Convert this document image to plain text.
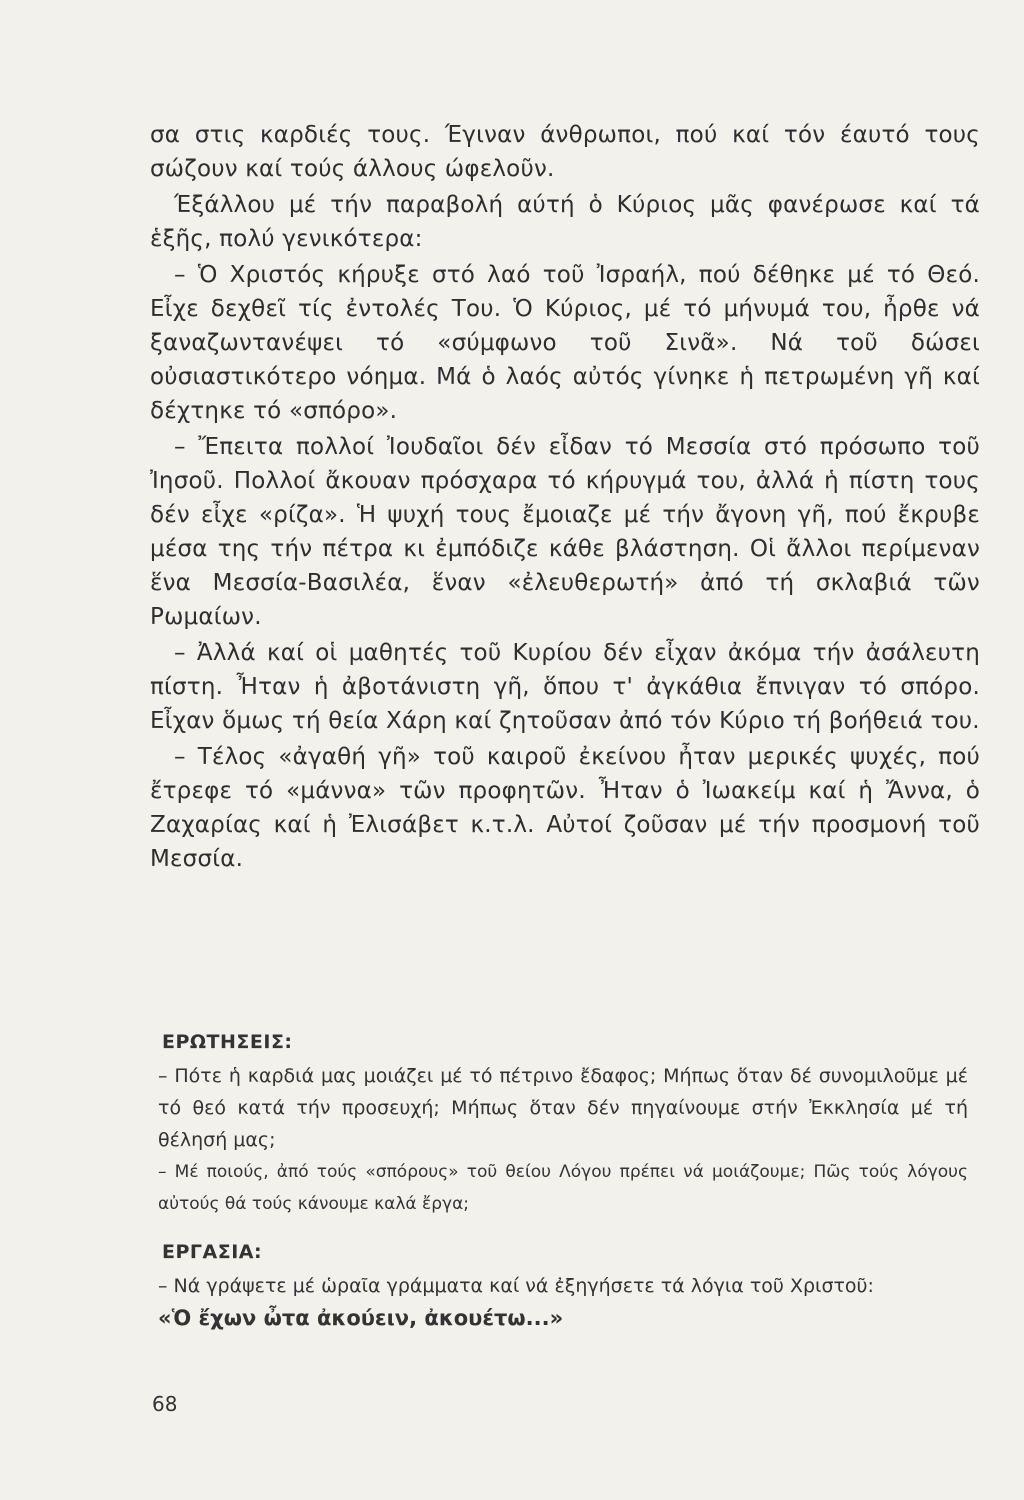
σα στις καρδιές τους. Έγιναν άνθρωποι, πού καί τόν έαυτό τους σώζουν καί τούς άλλους ώφελοῦν.

Έξάλλου μέ τήν παραβολή αύτή ὁ Κύριος μᾶς φανέρωσε καί τά ἑξῆς, πολύ γενικότερα:

– Ὁ Χριστός κήρυξε στό λαό τοῦ Ἰσραήλ, πού δέθηκε μέ τό Θεό. Εἶχε δεχθεῖ τίς ἐντολές Του. Ὁ Κύριος, μέ τό μήνυμά του, ἦρθε νά ξαναζωντανέψει τό «σύμφωνο τοῦ Σινᾶ». Νά τοῦ δώσει οὐσιαστικότερο νόημα. Μά ὁ λαός αὐτός γίνηκε ἡ πετρωμένη γῆ καί δέχτηκε τό «σπόρο».

– Ἔπειτα πολλοί Ἰουδαῖοι δέν εἶδαν τό Μεσσία στό πρόσωπο τοῦ Ἰησοῦ. Πολλοί ἄκουαν πρόσχαρα τό κήρυγμά του, ἀλλά ἡ πίστη τους δέν εἶχε «ρίζα». Ἡ ψυχή τους ἔμοιαζε μέ τήν ἄγονη γῆ, πού ἔκρυβε μέσα της τήν πέτρα κι ἐμπόδιζε κάθε βλάστηση. Οἱ ἄλλοι περίμεναν ἕνα Μεσσία-Βασιλέα, ἕναν «ἐλευθερωτή» ἀπό τή σκλαβιά τῶν Ρωμαίων.

– Ἀλλά καί οἱ μαθητές τοῦ Κυρίου δέν εἶχαν ἀκόμα τήν ἀσάλευτη πίστη. Ἦταν ἡ ἀβοτάνιστη γῆ, ὅπου τ' ἀγκάθια ἔπνιγαν τό σπόρο. Εἶχαν ὅμως τή θεία Χάρη καί ζητοῦσαν ἀπό τόν Κύριο τή βοήθειά του.

– Τέλος «ἀγαθή γῆ» τοῦ καιροῦ ἐκείνου ἦταν μερικές ψυχές, πού ἔτρεφε τό «μάννα» τῶν προφητῶν. Ἦταν ὁ Ἰωακείμ καί ἡ Ἄννα, ὁ Ζαχαρίας καί ἡ Ἐλισάβετ κ.τ.λ. Αὐτοί ζοῦσαν μέ τήν προσμονή τοῦ Μεσσία.

ΕΡΩΤΗΣΕΙΣ:

– Πότε ἡ καρδιά μας μοιάζει μέ τό πέτρινο ἔδαφος; Μήπως ὅταν δέ συνομιλοῦμε μέ τό θεό κατά τήν προσευχή; Μήπως ὅταν δέν πηγαίνουμε στήν Ἐκκλησία μέ τή θέλησή μας;

– Μέ ποιούς, ἀπό τούς «σπόρους» τοῦ θείου Λόγου πρέπει νά μοιάζουμε; Πῶς τούς λόγους αὐτούς θά τούς κάνουμε καλά ἔργα;

ΕΡΓΑΣΙΑ:

– Νά γράψετε μέ ὡραῖα γράμματα καί νά ἐξηγήσετε τά λόγια τοῦ Χριστοῦ:

«Ὁ ἔχων ὦτα ἀκούειν, ἀκουέτω...»

68
